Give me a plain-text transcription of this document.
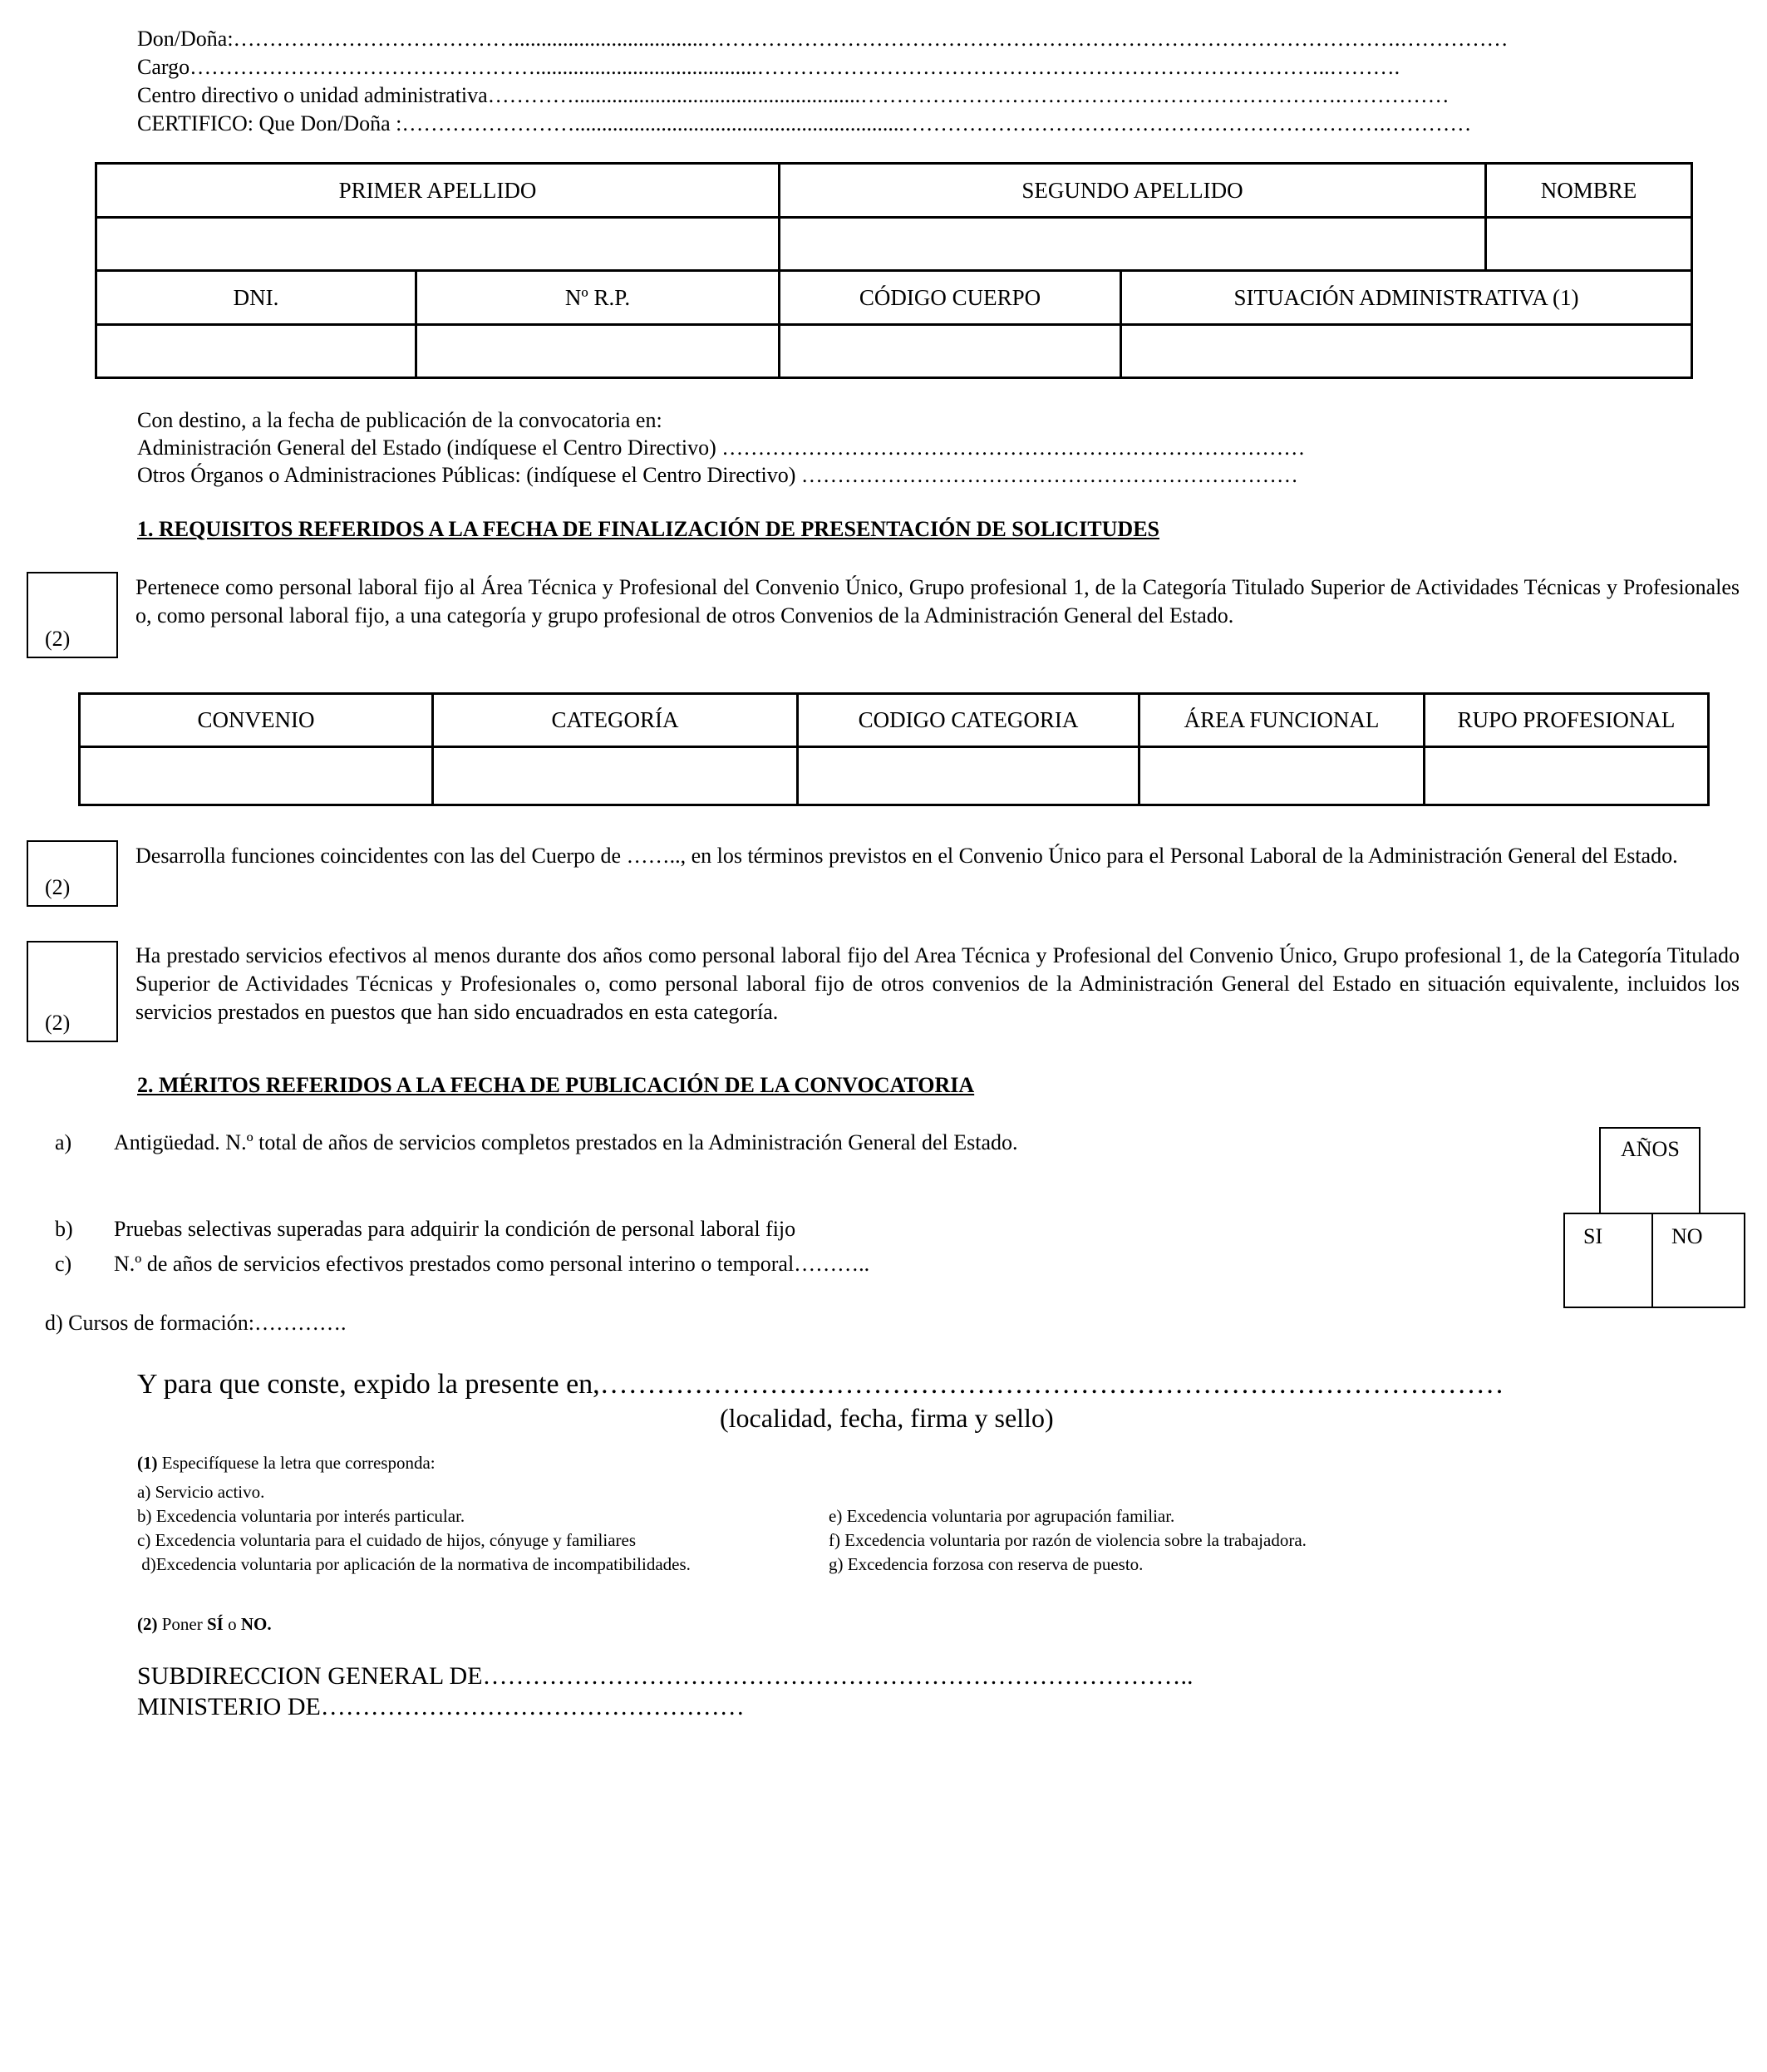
Don/Doña:…………………………………...................................…………………………………………………………………………………….……………
Cargo………………………………………….........................................……………………………………………………………………..……….
Centro directivo o unidad administrativa………….....................................................………………………………………………………….……………
CERTIFICO: Que Don/Doña :…………………….............................................................………………………………………………………….…………
PRIMER APELLIDO		SEGUNDO APELLIDO		NOMBRE

DNI.	Nº R.P.	CÓDIGO CUERPO	SITUACIÓN ADMINISTRATIVA (1)	

Con destino, a la fecha de publicación de la convocatoria en:
Administración General del Estado (indíquese el Centro Directivo) ………………………………………………………………………
Otros Órganos o Administraciones Públicas: (indíquese el Centro Directivo) ……………………………………………………………
1. REQUISITOS REFERIDOS A LA FECHA DE FINALIZACIÓN DE PRESENTACIÓN DE SOLICITUDES
(2)
Pertenece como personal laboral fijo al Área Técnica y Profesional del Convenio Único, Grupo profesional 1, de la Categoría Titulado Superior de Actividades Técnicas y Profesionales o, como personal laboral fijo, a una categoría y grupo profesional de otros Convenios de la Administración General del Estado.
CONVENIO	CATEGORÍA	CODIGO CATEGORIA	ÁREA FUNCIONAL	RUPO PROFESIONAL

(2)
Desarrolla funciones coincidentes con las del Cuerpo de …….., en los términos previstos en el Convenio Único para el Personal Laboral de la Administración General del Estado.
(2)
Ha prestado servicios efectivos al menos durante dos años como personal laboral fijo del Area Técnica y Profesional del Convenio Único, Grupo profesional 1, de la Categoría Titulado Superior de Actividades Técnicas y Profesionales o, como personal laboral fijo de otros convenios de la Administración General del Estado en situación equivalente, incluidos los servicios prestados en puestos que han sido encuadrados en esta categoría.
2. MÉRITOS REFERIDOS A LA FECHA DE PUBLICACIÓN DE LA CONVOCATORIA
a) Antigüedad. N.º total de años de servicios completos prestados en la Administración General del Estado.	AÑOS
SI	NO
b) Pruebas selectivas superadas para adquirir la condición de personal laboral fijo
c) N.º de años de servicios efectivos prestados como personal interino o temporal………..
d) Cursos de formación:………….
Y para que conste, expido la presente en,……………………………………………………………………………………
(localidad, fecha, firma y sello)
(1) Especifíquese la letra que corresponda:
a) Servicio activo.
b) Excedencia voluntaria por interés particular.
c) Excedencia voluntaria para el cuidado de hijos, cónyuge y familiares
d)Excedencia voluntaria por aplicación de la normativa de incompatibilidades.
e) Excedencia voluntaria por agrupación familiar.
f) Excedencia voluntaria por razón de violencia sobre la trabajadora.
g) Excedencia forzosa con reserva de puesto.
(2) Poner SÍ o NO.
SUBDIRECCION GENERAL DE…………………………………………………………………………..
MINISTERIO DE……………………………………………
